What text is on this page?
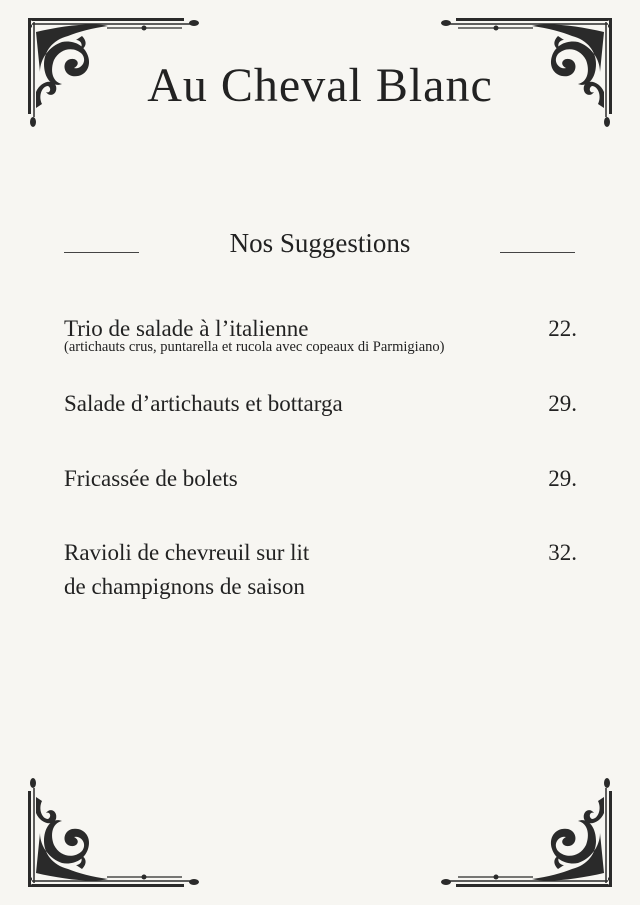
Au Cheval Blanc
Nos Suggestions
Trio de salade à l’italienne
(artichauts crus, puntarella et rucola avec copeaux di Parmigiano)
22.
Salade d’artichauts et bottarga	29.
Fricassée de bolets	29.
Ravioli de chevreuil sur lit
de champignons de saison
32.
